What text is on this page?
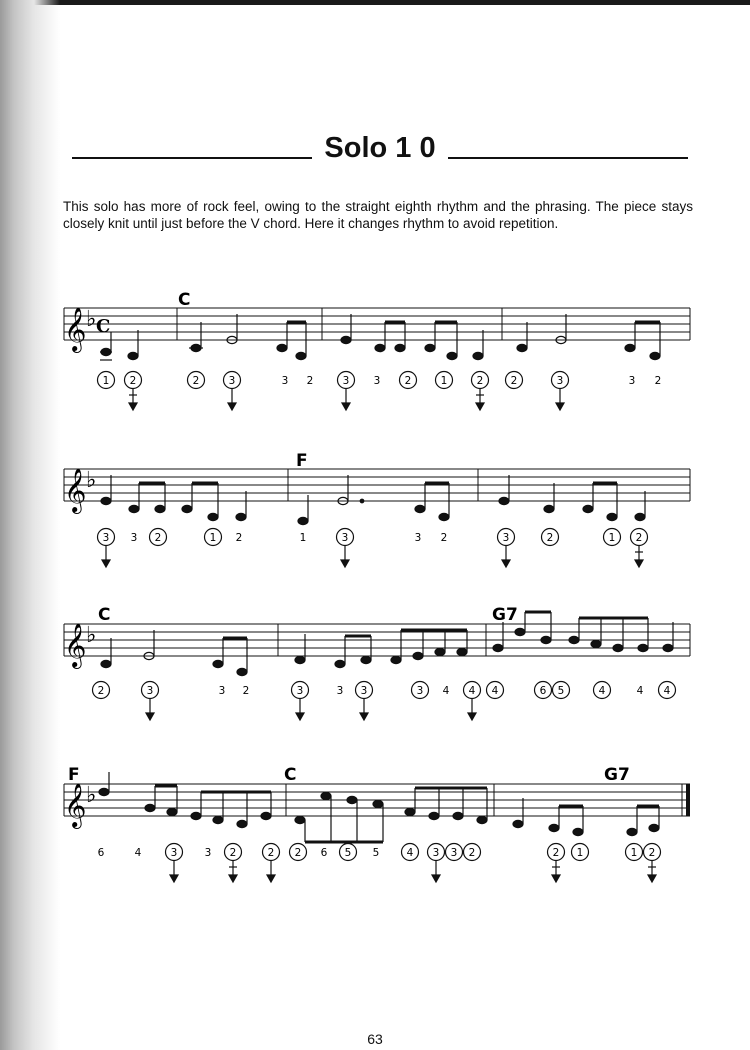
Solo 1 0

This solo has more of rock feel, owing to the straight eighth rhythm and the phrasing. The piece stays closely knit until just before the V chord. Here it changes rhythm to avoid repetition.

𝄞 ♭ C
C
1 2	2	3	3 2	3 3 2	1	2	2	3	3 2
𝄞 ♭
F
3 3 2	1 2	1	3	3 2	3	2	1 2
𝄞 ♭
C	G7
2	3	3 2	3	3 3	3 4 4 4	6 5	4	4 4
𝄞 ♭
F	C	G7
6	4	3	3 2	2 2 6 5 5	4 3 3 2	2 1	1 2
63
